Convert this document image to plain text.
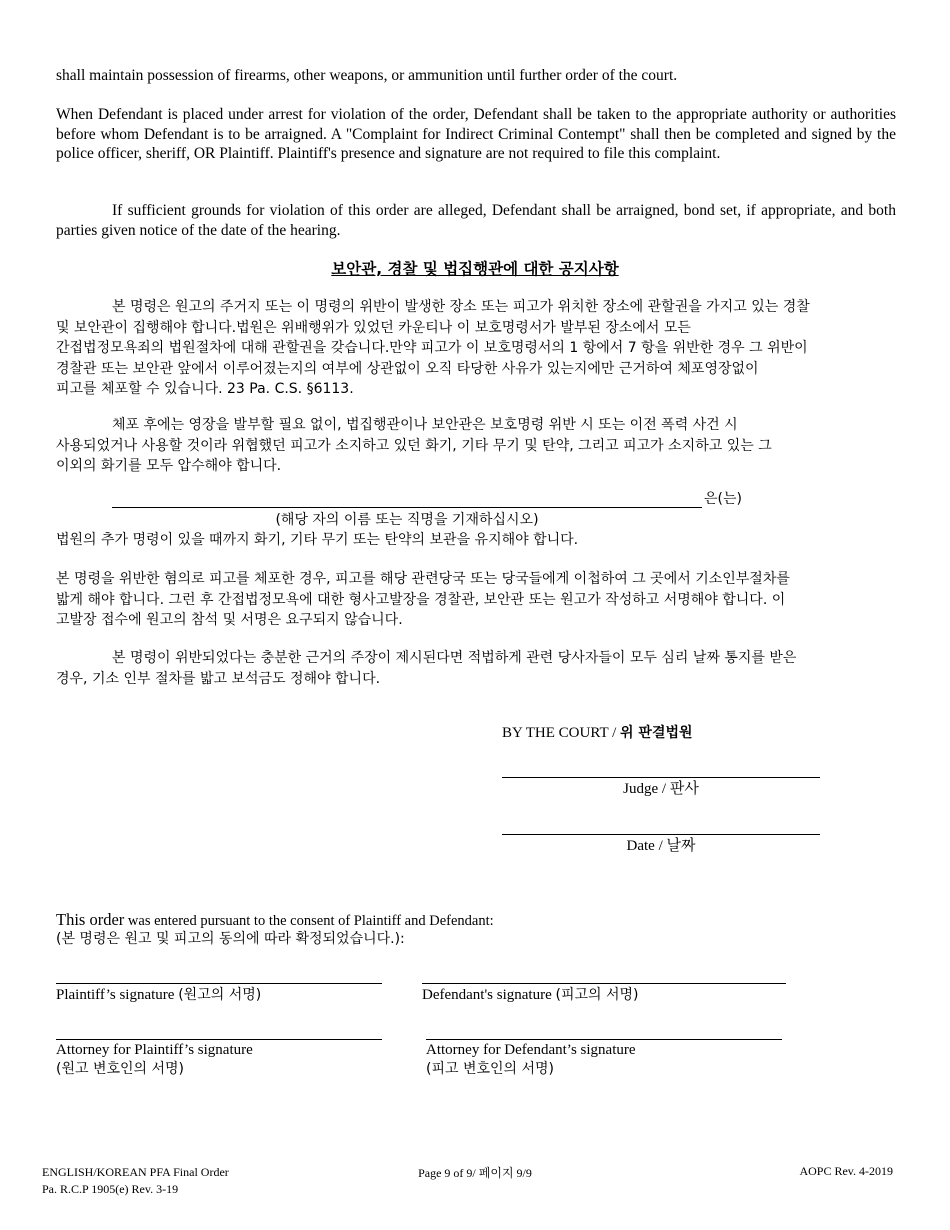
shall maintain possession of firearms, other weapons, or ammunition until further order of the court.
When Defendant is placed under arrest for violation of the order, Defendant shall be taken to the appropriate authority or authorities before whom Defendant is to be arraigned. A "Complaint for Indirect Criminal Contempt" shall then be completed and signed by the police officer, sheriff, OR Plaintiff. Plaintiff's presence and signature are not required to file this complaint.
If sufficient grounds for violation of this order are alleged, Defendant shall be arraigned, bond set, if appropriate, and both parties given notice of the date of the hearing.
보안관, 경찰 및 법집행관에 대한 공지사항
본 명령은 원고의 주거지 또는 이 명령의 위반이 발생한 장소 또는 피고가 위치한 장소에 관할권을 가지고 있는 경찰
및 보안관이 집행해야 합니다.법원은 위배행위가 있었던 카운티나 이 보호명령서가 발부된 장소에서 모든
간접법정모욕죄의 법원절차에 대해 관할권을 갖습니다.만약 피고가 이 보호명령서의 1 항에서 7 항을 위반한 경우 그 위반이
경찰관 또는 보안관 앞에서 이루어졌는지의 여부에 상관없이 오직 타당한 사유가 있는지에만 근거하여 체포영장없이
피고를 체포할 수 있습니다. 23 Pa. C.S. §6113.
체포 후에는 영장을 발부할 필요 없이, 법집행관이나 보안관은 보호명령 위반 시 또는 이전 폭력 사건 시
사용되었거나 사용할 것이라 위협했던 피고가 소지하고 있던 화기, 기타 무기 및 탄약, 그리고 피고가 소지하고 있는 그
이외의 화기를 모두 압수해야 합니다.
은(는)
(해당 자의 이름 또는 직명을 기재하십시오)
법원의 추가 명령이 있을 때까지 화기, 기타 무기 또는 탄약의 보관을 유지해야 합니다.
본 명령을 위반한 혐의로 피고를 체포한 경우, 피고를 해당 관련당국 또는 당국들에게 이첩하여 그 곳에서 기소인부절차를
밟게 해야 합니다. 그런 후 간접법정모욕에 대한 형사고발장을 경찰관, 보안관 또는 원고가 작성하고 서명해야 합니다. 이
고발장 접수에 원고의 참석 및 서명은 요구되지 않습니다.
본 명령이 위반되었다는 충분한 근거의 주장이 제시된다면 적법하게 관련 당사자들이 모두 심리 날짜 통지를 받은
경우, 기소 인부 절차를 밟고 보석금도 정해야 합니다.
BY THE COURT / 위 판결법원
Judge / 판사
Date / 날짜
This order was entered pursuant to the consent of Plaintiff and Defendant:
(본 명령은 원고 및 피고의 동의에 따라 확정되었습니다.):
Plaintiff’s signature (원고의 서명)	Defendant's signature (피고의 서명)
Attorney for Plaintiff’s signature
(원고 변호인의 서명)
Attorney for Defendant’s signature
(피고 변호인의 서명)
ENGLISH/KOREAN PFA Final Order
Pa. R.C.P 1905(e) Rev. 3-19
Page 9 of 9/ 페이지 9/9	AOPC Rev. 4-2019
